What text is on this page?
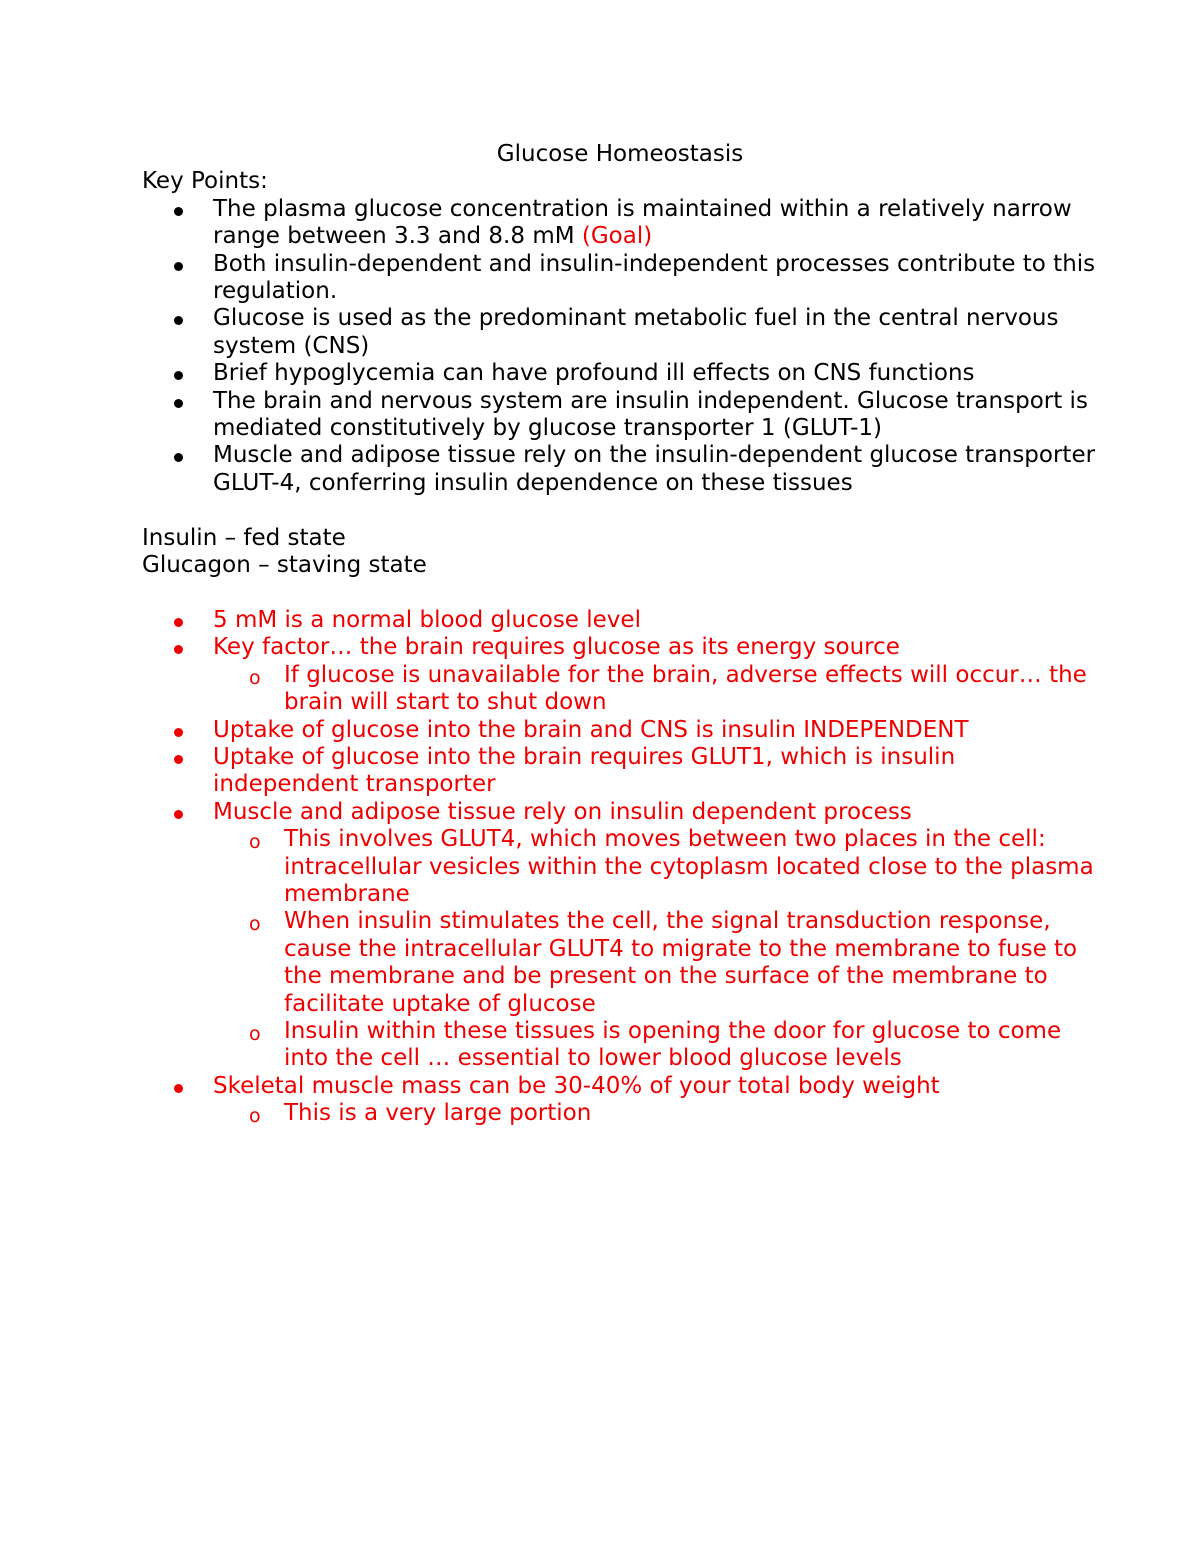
Glucose Homeostasis

Key Points:

The plasma glucose concentration is maintained within a relatively narrow range between 3.3 and 8.8 mM (Goal)
Both insulin-dependent and insulin-independent processes contribute to this regulation.
Glucose is used as the predominant metabolic fuel in the central nervous system (CNS)
Brief hypoglycemia can have profound ill effects on CNS functions
The brain and nervous system are insulin independent. Glucose transport is mediated constitutively by glucose transporter 1 (GLUT-1)
Muscle and adipose tissue rely on the insulin-dependent glucose transporter GLUT-4, conferring insulin dependence on these tissues

Insulin – fed state

Glucagon – staving state

5 mM is a normal blood glucose level
Key factor… the brain requires glucose as its energy source
o If glucose is unavailable for the brain, adverse effects will occur… the brain will start to shut down
Uptake of glucose into the brain and CNS is insulin INDEPENDENT
Uptake of glucose into the brain requires GLUT1, which is insulin independent transporter
Muscle and adipose tissue rely on insulin dependent process
o This involves GLUT4, which moves between two places in the cell: intracellular vesicles within the cytoplasm located close to the plasma membrane
o When insulin stimulates the cell, the signal transduction response, cause the intracellular GLUT4 to migrate to the membrane to fuse to the membrane and be present on the surface of the membrane to facilitate uptake of glucose
o Insulin within these tissues is opening the door for glucose to come into the cell … essential to lower blood glucose levels
Skeletal muscle mass can be 30-40% of your total body weight
o This is a very large portion
